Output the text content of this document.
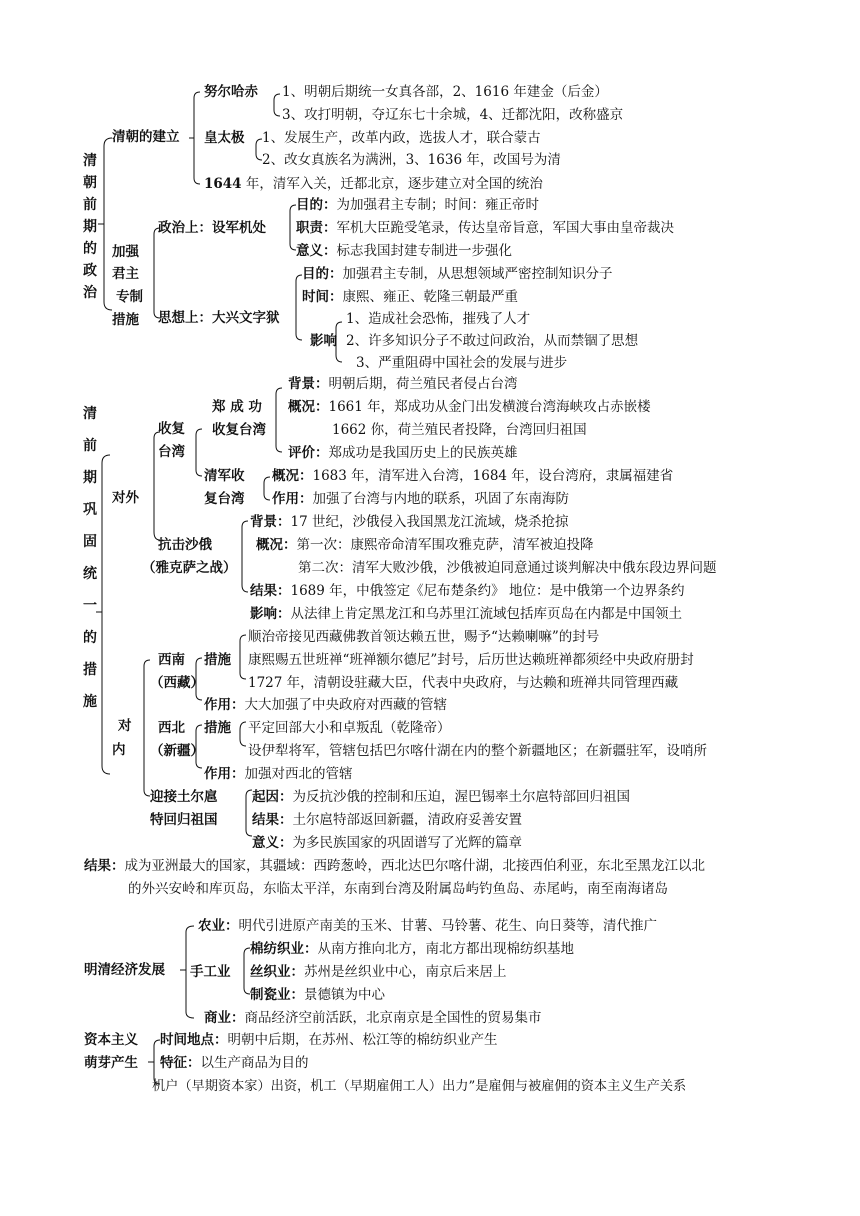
清
朝
前
期
的
政
治
清朝的建立
努尔哈赤 1、明朝后期统一女真各部，2、1616 年建金（后金）
3、攻打明朝，夺辽东七十余城，4、迁都沈阳，改称盛京
皇太极 1、发展生产，改革内政，选拔人才，联合蒙古
2、改女真族名为满洲，3、1636 年，改国号为清
1644 年，清军入关，迁都北京，逐步建立对全国的统治
加强
君主
专制
措施
政治上：设军机处
目的：为加强君主专制；时间：雍正帝时
职责：军机大臣跪受笔录，传达皇帝旨意，军国大事由皇帝裁决
意义：标志我国封建专制进一步强化
思想上：大兴文字狱
目的：加强君主专制，从思想领域严密控制知识分子
时间：康熙、雍正、乾隆三朝最严重
影响
1、造成社会恐怖，摧残了人才
2、许多知识分子不敢过问政治，从而禁锢了思想
3、严重阻碍中国社会的发展与进步
清
前
期
巩
固
统
一
的
措
施
对外
收复
台湾
郑 成 功
收复台湾
背景：明朝后期，荷兰殖民者侵占台湾
概况：1661 年，郑成功从金门出发横渡台湾海峡攻占赤嵌楼
1662 你，荷兰殖民者投降，台湾回归祖国
评价：郑成功是我国历史上的民族英雄
清军收
复台湾
概况：1683 年，清军进入台湾，1684 年，设台湾府，隶属福建省
作用：加强了台湾与内地的联系，巩固了东南海防
抗击沙俄
（雅克萨之战）
背景：17 世纪，沙俄侵入我国黑龙江流域，烧杀抢掠
概况：第一次：康熙帝命清军围攻雅克萨，清军被迫投降
第二次：清军大败沙俄，沙俄被迫同意通过谈判解决中俄东段边界问题
结果：1689 年，中俄签定《尼布楚条约》 地位：是中俄第一个边界条约
影响：从法律上肯定黑龙江和乌苏里江流域包括库页岛在内都是中国领土
对
内
西南
（西藏）
措施
顺治帝接见西藏佛教首领达赖五世，赐予“达赖喇嘛”的封号
康熙赐五世班禅“班禅额尔德尼”封号，后历世达赖班禅都须经中央政府册封
1727 年，清朝设驻藏大臣，代表中央政府，与达赖和班禅共同管理西藏
作用：大大加强了中央政府对西藏的管辖
西北
（新疆）
措施 平定回部大小和卓叛乱（乾隆帝）
设伊犁将军，管辖包括巴尔喀什湖在内的整个新疆地区；在新疆驻军，设哨所
作用：加强对西北的管辖
迎接土尔扈
特回归祖国
起因：为反抗沙俄的控制和压迫，渥巴锡率土尔扈特部回归祖国
结果：土尔扈特部返回新疆，清政府妥善安置
意义：为多民族国家的巩固谱写了光辉的篇章
结果：成为亚洲最大的国家，其疆域：西跨葱岭，西北达巴尔喀什湖，北接西伯利亚，东北至黑龙江以北
的外兴安岭和库页岛，东临太平洋，东南到台湾及附属岛屿钓鱼岛、赤尾屿，南至南海诸岛
明清经济发展
农业：明代引进原产南美的玉米、甘薯、马铃薯、花生、向日葵等，清代推广
手工业
棉纺织业：从南方推向北方，南北方都出现棉纺织基地
丝织业：苏州是丝织业中心，南京后来居上
制瓷业：景德镇为中心
商业：商品经济空前活跃，北京南京是全国性的贸易集市
资本主义
萌芽产生
时间地点：明朝中后期，在苏州、松江等的棉纺织业产生
特征：以生产商品为目的
机户（早期资本家）出资，机工（早期雇佣工人）出力”是雇佣与被雇佣的资本主义生产关系
